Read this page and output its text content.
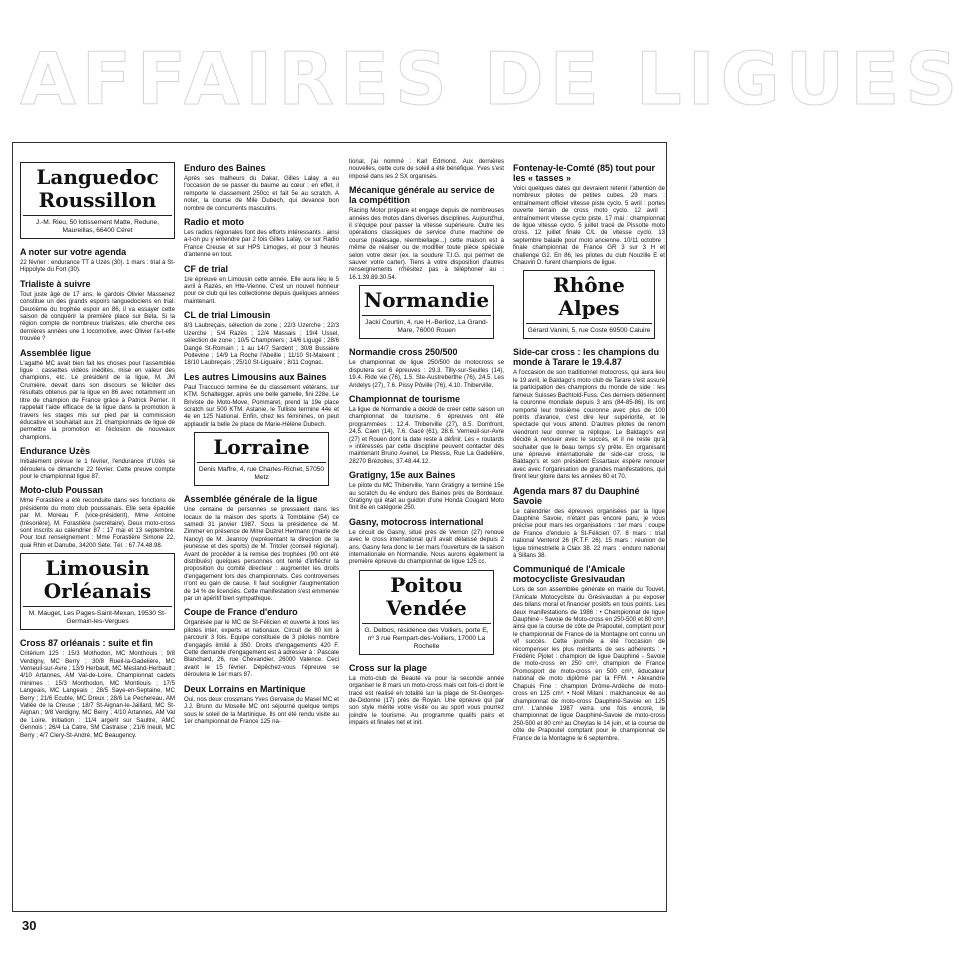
AFFAIRES DE LIGUES
Languedoc
Roussillon
J.-M. Rieu, 50 lotissement Matte, Redune, Maureillas, 66400 Céret
A noter sur votre agenda

22 février : endurance TT à Uzès (30). 1 mars : trial à St-Hippolyte du Fort (30).

Trialiste à suivre

Tout juste âgé de 17 ans, le gardois Olivier Massenez constitue un des grands espoirs languedociens en trial. Deuxième du trophée espoir en 86, il va essayer cette saison de conquérir la première place sur Beta. Si la région compte de nombreux trialistes, elle cherche ces dernières années une 1 locomotive, avec Olivier l'a-t-elle trouvée ?

Assemblée ligue

L'agathé MC avait bien fait les choses pour l'assemblée ligue : cassettes vidéos inédites, mise en valeur des champions, etc. Le président de la ligue, M. JM Crumière, devait dans son discours se féliciter des résultats obtenus par la ligue en 86 avec notamment un titre de champion de France grâce à Patrick Perrier. Il rappelait l'aide efficace de la ligue dans la promotion à travers les stages mis sur pied par la commission éducative et souhaitait aux 21 championnats de ligue de permettre la promotion et l'éclosion de nouveaux champions.

Endurance Uzès

Initialement prévue le 1 février, l'endurance d'Uzès se déroulera ce dimanche 22 février. Cette preuve compte pour le championnat ligue 87.

Moto-club Poussan

Mme Forastière a été reconduite dans ses fonctions de présidente du moto club poussanais. Elle sera épaulée par M. Moreau F. (vice-président), Mme Antoine (trésorière), M. Forastière (secrétaire). Deux moto-cross sont inscrits au calendrier 87 : 17 mai et 13 septembre. Pour tout renseignement : Mme Forastière Simone 22, quai Rhin et Danube, 34200 Sète. Tél. : 67.74.48.98.

Limousin
Orléanais
M. Mauget, Les Pages-Saint-Mexan, 19530 St-Germain-les-Vergues
Cross 87 orléanais : suite et fin

Critérium 125 : 15/3 Mothodon, MC Monthouis ; 9/8 Verdigny, MC Berry ; 30/8 Rueil-la-Gadelière, MC Verneuil-sur-Avre ; 13/9 Herbault, MC Mesland-Herbault ; 4/10 Artannes, AM Val-de-Loire. Championnat cadets minimes : 15/3 Monthodon, MC Montlouis ; 17/5 Langeais, MC Langeais ; 28/5 Saye-en-Septaine, MC Berry ; 21/6 Ecuble, MC Dreux ; 28/6 Le Pechereau, AM Vallée de la Creuse ; 18/7 St-Aignan-le-Jaillard, MC St-Aignan ; 9/8 Verdigny, MC Berry ; 4/10 Artannes, AM Val de Loire. Initiation : 11/4 argent sur Saultre, AMC Gennois ; 26/4 La Catre, SM Castraise ; 21/6 Ineuil, MC Berry ; 4/7 Clery-St-André, MC Beaugency.

Enduro des Baines

Après ses malheurs du Dakar, Gilles Lalay a eu l'occasion de se passer du baume au cœur : en effet, il remporte le classement 250cc et fait 5e au scratch. A noter, la course de Mile Dubech, qui devance bon nombre de concurrents masculins.

Radio et moto

Les radios régionales font des efforts intéressants : ainsi a-t-on pu y entendre par 2 fois Gilles Lalay, ce sur Radio France Creuse et sur HPS Limoges, et pour 3 heures d'antenne en tout.

CF de trial

1re épreuve en Limousin cette année. Elle aura lieu le 5 avril à Razès, en Hte-Vienne. C'est un nouvel honneur pour ce club qui les collectionne depuis quelques années maintenant.

CL de trial Limousin

8/3 Laubreçais, sélection de zone ; 22/3 Uzerche ; 22/3 Uzerche ; 5/4 Razès ; 12/4 Massais ; 19/4 Ussel, sélection de zone ; 10/5 Champniers ; 14/6 Ligugé ; 28/6 Dangé St-Romain ; 1 au 14/7 Sardent ; 30/8 Bussière Poitevine ; 14/9 La Roche l'Abeille ; 11/10 St-Maixent ; 18/10 Laubreçais ; 25/10 St-Liguaire ; 8/11 Cognac.

Les autres Limousins aux Baines

Paul Traccucci termine 6e du classement vétérans, sur KTM. Schaltegger, après une belle gamelle, fini 228e. Le Briviste de Moto-Move, Pommaret, prend la 19e place scratch sur 500 KTM. Astanie, le Tulliste termine 44e et 4e en 125 National. Enfin, chez les féminines, on peut applaudir la belle 2e place de Marie-Hélène Dubech.

Lorraine
Denis Maffre, 4, rue Charles-Richet, 57050 Metz
Assemblée générale de la ligue

Une centaine de personnes se pressaient dans les locaux de la maison des sports à Tomblaine (54) ce samedi 31 janvier 1987. Sous la présidence de M. Zimmer en présence de Mme Duzret Hermann (mairie de Nancy) de M. Jeanroy (représentant la direction de la jeunesse et des sports) de M. Tritcler (conseil régional). Avant de procéder à la remise des trophées (90 ont été distribués) quelques personnes ont tenté d'infléchir la proposition du comité directeur : augmenter les droits d'engagement lors des championnats. Ces controverses n'ont eu gain de cause. Il faut souligner l'augmentation de 14 % de licenciés. Cette manifestation s'est emmenée par un apéritif bien sympathique.

Coupe de France d'enduro

Organisée par le MC de St-Félicien et ouverte à tous les pilotes inter, experts et nationaux. Circuit de 80 km à parcourir 3 fois. Equipe constituée de 3 pilotes nombre d'engagés limité à 350. Droits d'engagements 420 F. Cette demande d'engagement est à adresser à : Pascale Blanchard, 26, rue Chevandier, 26000 Valence. Ceci avant le 15 février. Dépêchez-vous l'épreuve se déroulera le 1er mars 87.

Deux Lorrains en Martinique

Oui, nos deux crossmans Yves Gervaise du Masel MC et J.J. Brunn du Moselle MC ont séjourné quelque temps sous le soleil de la Martinique. Ils ont été rendu visite au 1er championnat de France 125 na-

tional, j'ai nommé : Karl Edmond. Aux dernières nouvelles, cette cure de soleil a été bénéfique. Yves s'est imposé dans les 2 SX organisés.

Mécanique générale au service de la compétition

Racing Motor prépare et engage depuis de nombreuses années des motos dans diverses disciplines. Aujourd'hui, il s'équipe pour passer la vitesse supérieure. Outre les opérations classiques de service d'une machine de course (réalésage, réembiellage...) cette maison est à même de réaliser ou de modifier toute pièce spéciale selon votre désir (ex. la soudure T.I.G. qui permet de sauver votre carter). Tiens à votre disposition d'autres renseignements n'hésitez pas à téléphoner au : 16.1.39.89.30.54.

Normandie
Jacki Courtin, 4, rue H.-Berlioz, La Grand-Mare, 76000 Rouen
Normandie cross 250/500

Le championnat de ligue 250/500 de motocross se disputera sur 6 épreuves : 29.3. Tilly-sur-Seulles (14), 19.4. Ride vie (76), 1.5. Ste-Austreberthe (76), 24.5. Les Andelys (27), 7.6. Pissy Pôville (76), 4.10. Thiberville.

Championnat de tourisme

La ligue de Normandie a décidé de créer cette saison un championnat de tourisme. 6 épreuves ont été programmées : 12.4. Thiberville (27), 8.5. Domfront, 24.5. Caen (14), 7.6. Gacé (61), 28.6. Verneuil-sur-Avre (27) et Rouen dont la date reste à définir. Les « routards » intéressés par cette discipline peuvent contacter dès maintenant Bruno Avenel, Le Plessis, Rue La Gadelière, 28270 Brézolles, 37.48.44.12.

Gratigny, 15e aux Baines

Le pilote du MC Thiberville, Yann Gratigny a terminé 15e au scratch du 4e enduro des Baines près de Bordeaux. Gratigny qui était au guidon d'une Honda Cougard Moto finit 8e en catégorie 250.

Gasny, motocross international

Le circuit de Gasny, situé près de Vernon (27) renoue avec le cross international qu'il avait délaissé depuis 2 ans. Gasny fera donc le 1er mars l'ouverture de la saison internationale en Normandie. Nous aurons également la première épreuve du championnat de ligue 125 cc.

Poitou
Vendée
G. Delbos, résidence des Voiliers, porte E, nº 3 rue Rempart-des-Voiliers, 17000 La Rochelle
Cross sur la plage

La moto-club de Beauté va pour la seconde année organiser le 8 mars un moto-cross mais cet fois-ci dont le tracé est réalisé en totalité sur la plage de St-Georges-de-Didonne (17) près de Royan. Une épreuve qui par son style mérite votre visite ou au sport vous pourrez joindre le tourisme. Au programme qualifs pairs et impairs et finales net et init.

Fontenay-le-Comté (85) tout pour les « tasses »

Voici quelques dates qui devraient retenir l'attention de nombreux pilotes de petites cubes. 29 mars : entraînement officiel vitesse piste cyclo. 5 avril : portes ouverte terrain de cross moto cyclo. 12 avril : entraînement vitesse cyclo piste. 17 mai : championnat de ligue vitesse cyclo. 5 juillet tracé de Pissotte moto cross. 12 juillet finale C/L de vitesse cyclo. 13 septembre balade pour moto ancienne. 10/11 octobre : finale championnat de France GR 3 sur 3 H et challenge G2. En 86, les pilotes du club Nouzille E et Chauvin D. furent champions de ligue.

Rhône
Alpes
Gérard Vanini, 5, rue Coste 69500 Caluire
Side-car cross : les champions du monde à Tarare le 19.4.87

A l'occasion de son traditionnel motocross, qui aura lieu le 19 avril, le Baldago's moto club de Tarare s'est assuré la participation des champions du monde de side : les fameux Suisses Bachtold-Fuss. Ces derniers détiennent la couronne mondiale depuis 3 ans (84-85-86). Ils ont remporté leur troisième couronne avec plus de 100 points d'avance, c'est dire leur supériorité, et le spectacle qui vous attend. D'autres pilotes de renom viendront leur donner la réplique. Le Baldago's est décidé à renouer avec le succès, et il ne reste qu'à souhaiter que le beau temps s'y prête. En organisant une épreuve internationale de side-car cross, le Baldago's et son président Essartaux espère renouer avec avec l'organisation de grandes manifestations, qui firent leur gloire dans les années 60 et 70.

Agenda mars 87 du Dauphiné Savoie

Le calendrier des épreuves organisées par la ligue Dauphiné Savoie, n'étant pas encore paru, je vous précise pour mars les organisations : 1er mars : coupe de France d'enduro à St-Félicien 07. 8 mars : trial national Venterol 26 (R.T.F. 26). 15 mars : réunion de ligue trimestrielle à Claix 38. 22 mars : enduro national à Sillans 38.

Communiqué de l'Amicale motocycliste Gresivaudan

Lors de son assemblée générale en mairie du Touvet, l'Amicale Motocycliste du Grésivaudan a pu exposer des bilans moral et financier positifs en tous points. Les deux manifestations de 1986 : • Championnat de ligue Dauphiné - Savoie de Moto-cross en 250-500 et 80 cm³, ainsi que la course de côte de Prapoutel, comptant pour le championnat de France de la Montagne ont connu un vif succès. Cette journée a été l'occasion de récompenser les plus méritants de ses adhérents : • Frédéric Pjolet : champion de ligue Dauphiné - Savoie de moto-cross en 250 cm³, champion de France Promosport de moto-cross en 500 cm³, éducateur national de moto diplômé par la FFM. • Alexandre Chapuis Fine : champion Drôme-Ardèche de moto-cross en 125 cm³. • Noël Milani : malchanceux 4e au championnat de moto-cross Dauphiné-Savoie en 125 cm³. L'année 1987 verra une fois encore, le championnat de ligue Dauphiné-Savoie de moto-cross 250-500 et 80 cm³ au Cheylas le 14 juin, et la course de côte de Prapoutel comptant pour le championnat de France de la Montagne le 6 septembre.

30
